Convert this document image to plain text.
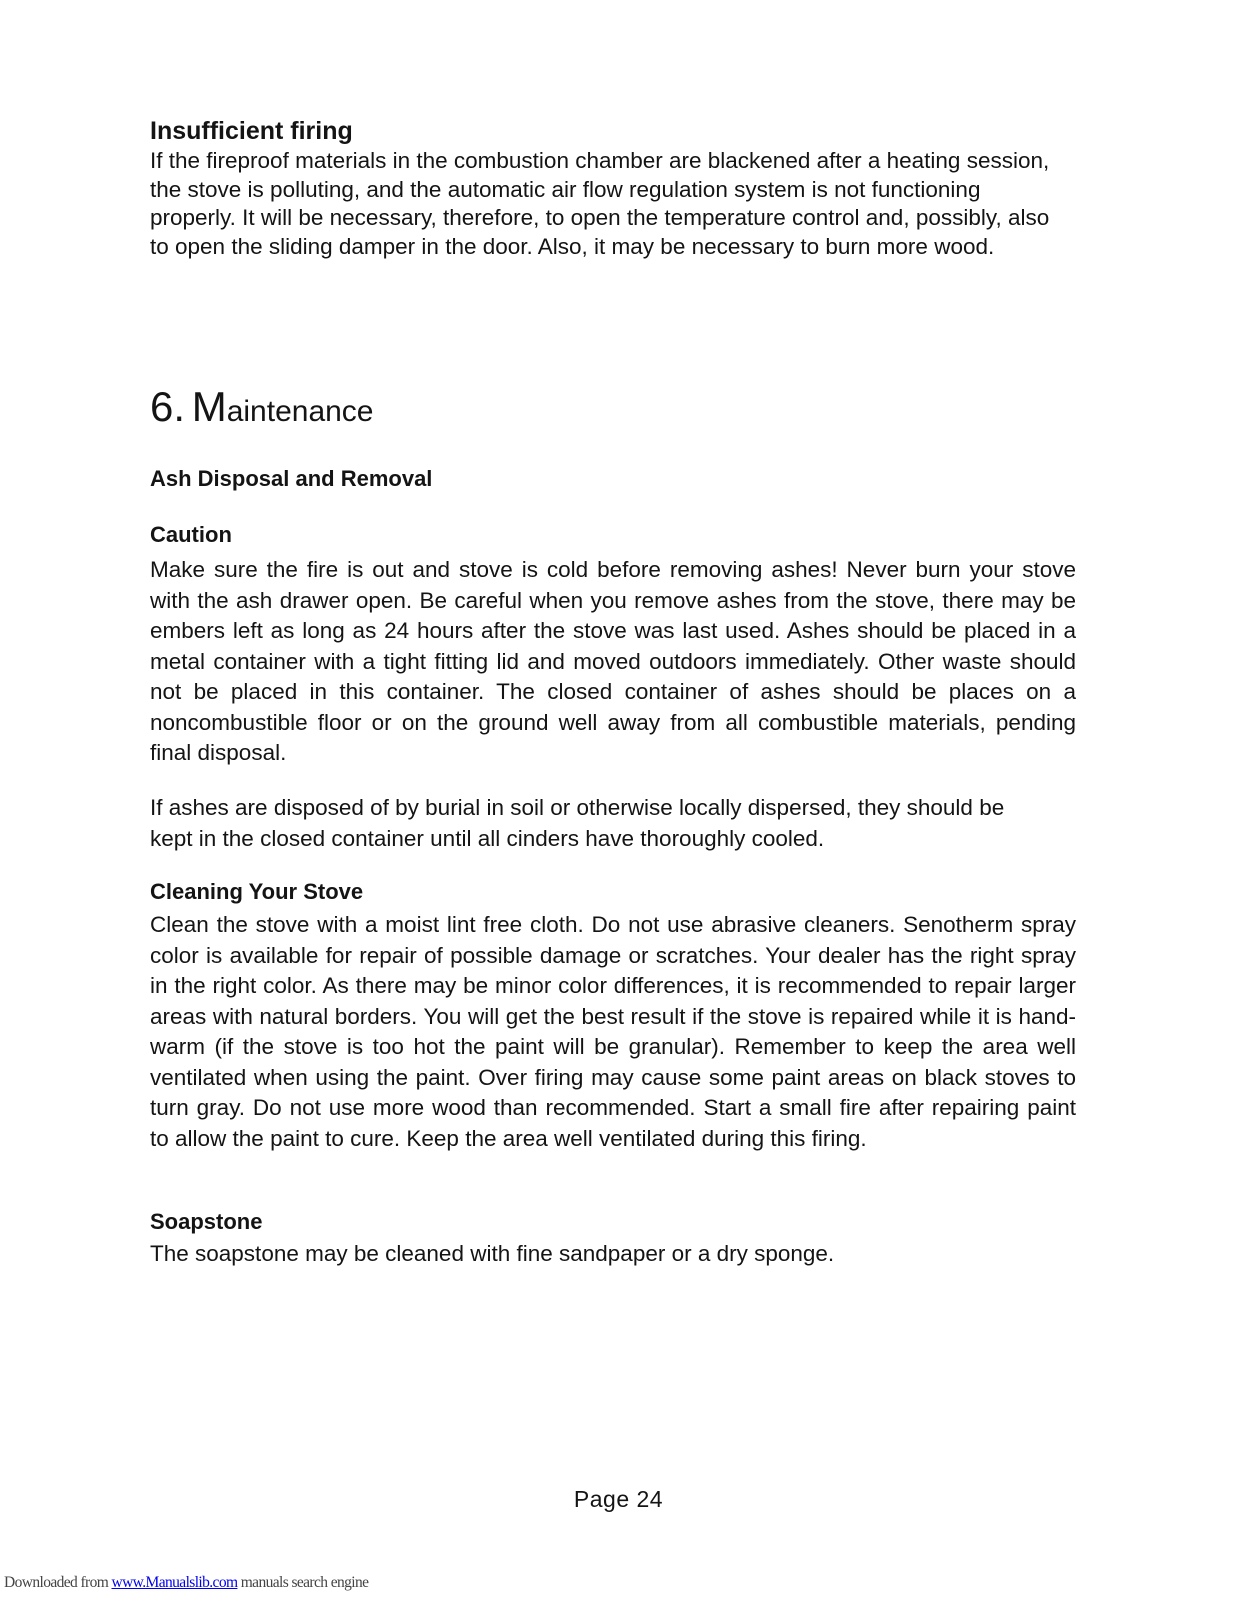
Insufficient firing

If the fireproof materials in the combustion chamber are blackened after a heating session, the stove is polluting, and the automatic air flow regulation system is not functioning properly. It will be necessary, therefore, to open the temperature control and, possibly, also to open the sliding damper in the door. Also, it may be necessary to burn more wood.

6. Maintenance
Ash Disposal and Removal
Caution

Make sure the fire is out and stove is cold before removing ashes! Never burn your stove with the ash drawer open. Be careful when you remove ashes from the stove, there may be embers left as long as 24 hours after the stove was last used. Ashes should be placed in a metal container with a tight fitting lid and moved outdoors immediately. Other waste should not be placed in this container. The closed container of ashes should be places on a noncombustible floor or on the ground well away from all combustible materials, pending final disposal.

If ashes are disposed of by burial in soil or otherwise locally dispersed, they should be kept in the closed container until all cinders have thoroughly cooled.

Cleaning Your Stove

Clean the stove with a moist lint free cloth. Do not use abrasive cleaners. Senotherm spray color is available for repair of possible damage or scratches. Your dealer has the right spray in the right color. As there may be minor color differences, it is recommended to repair larger areas with natural borders. You will get the best result if the stove is repaired while it is hand-warm (if the stove is too hot the paint will be granular). Remember to keep the area well ventilated when using the paint. Over firing may cause some paint areas on black stoves to turn gray. Do not use more wood than recommended. Start a small fire after repairing paint to allow the paint to cure. Keep the area well ventilated during this firing.

Soapstone

The soapstone may be cleaned with fine sandpaper or a dry sponge.

Page 24
Downloaded from www.Manualslib.com manuals search engine
